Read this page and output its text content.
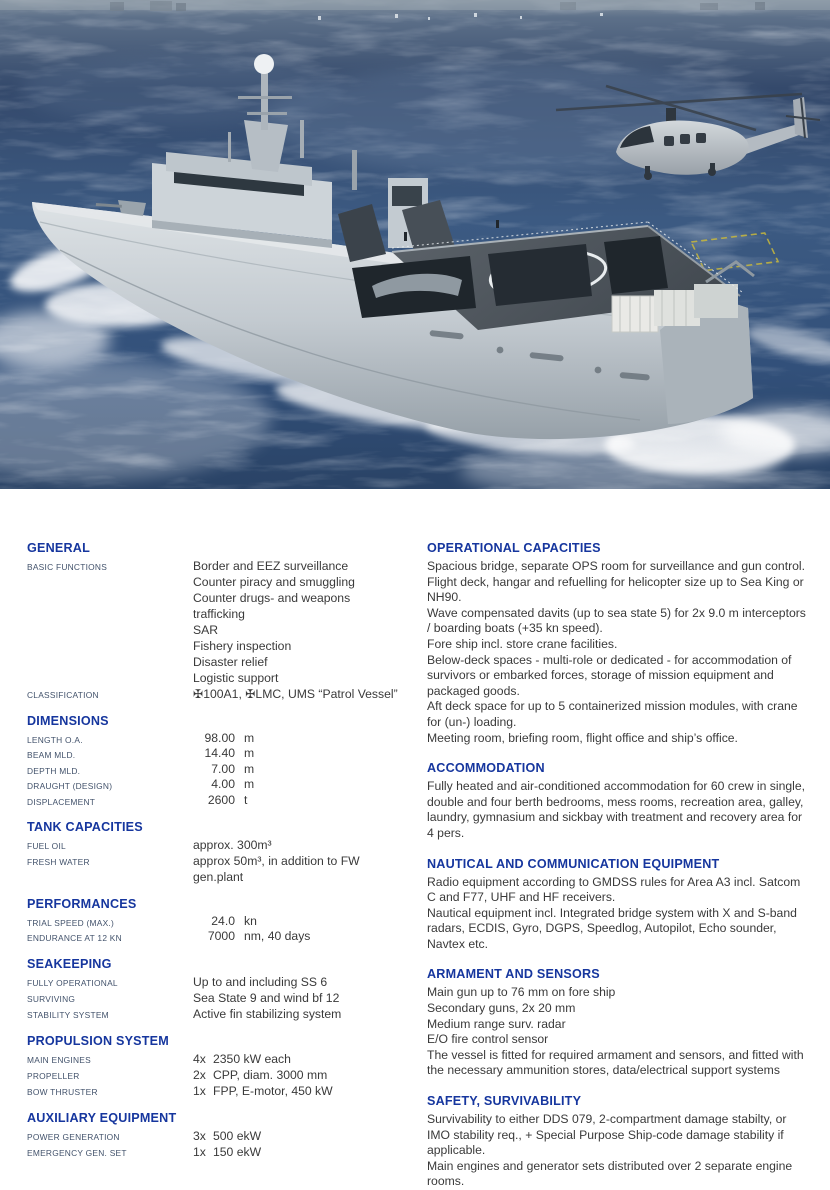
GENERAL
BASIC FUNCTIONS	Border and EEZ surveillance
Counter piracy and smuggling
Counter drugs- and weapons trafficking
SAR
Fishery inspection
Disaster relief
Logistic support
CLASSIFICATION	✠100A1, ✠LMC, UMS “Patrol Vessel”
DIMENSIONS
LENGTH O.A.	98.00 m
BEAM MLD.	14.40 m
DEPTH MLD.	7.00 m
DRAUGHT (DESIGN)	4.00 m
DISPLACEMENT	2600 t
TANK CAPACITIES
FUEL OIL	approx. 300m³
FRESH WATER	approx 50m³, in addition to FW gen.plant
PERFORMANCES
TRIAL SPEED (MAX.)	24.0 kn
ENDURANCE AT 12 KN	7000 nm, 40 days
SEAKEEPING
FULLY OPERATIONAL	Up to and including SS 6
SURVIVING	Sea State 9 and wind bf 12
STABILITY SYSTEM	Active fin stabilizing system
PROPULSION SYSTEM
MAIN ENGINES	4x 2350 kW each
PROPELLER	2x CPP, diam. 3000 mm
BOW THRUSTER	1x FPP, E-motor, 450 kW
AUXILIARY EQUIPMENT
POWER GENERATION	3x 500 ekW
EMERGENCY GEN. SET	1x 150 ekW
OPERATIONAL CAPACITIES
Spacious bridge, separate OPS room for surveillance and gun control.
Flight deck, hangar and refuelling for helicopter size up to Sea King or NH90.
Wave compensated davits (up to sea state 5) for 2x 9.0 m interceptors / boarding boats (+35 kn speed).
Fore ship incl. store crane facilities.
Below-deck spaces - multi-role or dedicated - for accommodation of survivors or embarked forces, storage of mission equipment and packaged goods.
Aft deck space for up to 5 containerized mission modules, with crane for (un-) loading.
Meeting room, briefing room, flight office and ship’s office.
ACCOMMODATION
Fully heated and air-conditioned accommodation for 60 crew in single, double and four berth bedrooms, mess rooms, recreation area, galley, laundry, gymnasium and sickbay with treatment and recovery area for 4 pers.
NAUTICAL AND COMMUNICATION EQUIPMENT
Radio equipment according to GMDSS rules for Area A3 incl. Satcom C and F77, UHF and HF receivers.
Nautical equipment incl. Integrated bridge system with X and S-band radars, ECDIS, Gyro, DGPS, Speedlog, Autopilot, Echo sounder, Navtex etc.
ARMAMENT AND SENSORS
Main gun up to 76 mm on fore ship
Secondary guns, 2x 20 mm
Medium range surv. radar
E/O fire control sensor
The vessel is fitted for required armament and sensors, and fitted with the necessary ammunition stores, data/electrical support systems
SAFETY, SURVIVABILITY
Survivability to either DDS 079, 2-compartment damage stabilty, or IMO stability req., + Special Purpose Ship-code damage stability if applicable.
Main engines and generator sets distributed over 2 separate engine rooms.
